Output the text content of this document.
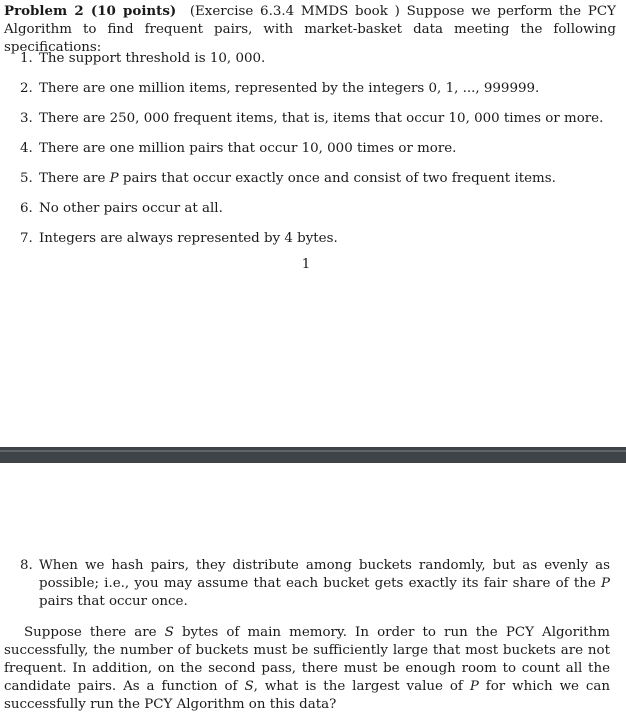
Problem 2 (10 points) (Exercise 6.3.4 MMDS book ) Suppose we perform the PCY Algorithm to find frequent pairs, with market-basket data meeting the following specifications:

1. The support threshold is 10, 000.
2. There are one million items, represented by the integers 0, 1, ..., 999999.
3. There are 250, 000 frequent items, that is, items that occur 10, 000 times or more.
4. There are one million pairs that occur 10, 000 times or more.
5. There are P pairs that occur exactly once and consist of two frequent items.
6. No other pairs occur at all.
7. Integers are always represented by 4 bytes.
1
8. When we hash pairs, they distribute among buckets randomly, but as evenly as possible; i.e., you may assume that each bucket gets exactly its fair share of the P pairs that occur once.

Suppose there are S bytes of main memory. In order to run the PCY Algorithm successfully, the number of buckets must be sufficiently large that most buckets are not frequent. In addition, on the second pass, there must be enough room to count all the candidate pairs. As a function of S, what is the largest value of P for which we can successfully run the PCY Algorithm on this data?
